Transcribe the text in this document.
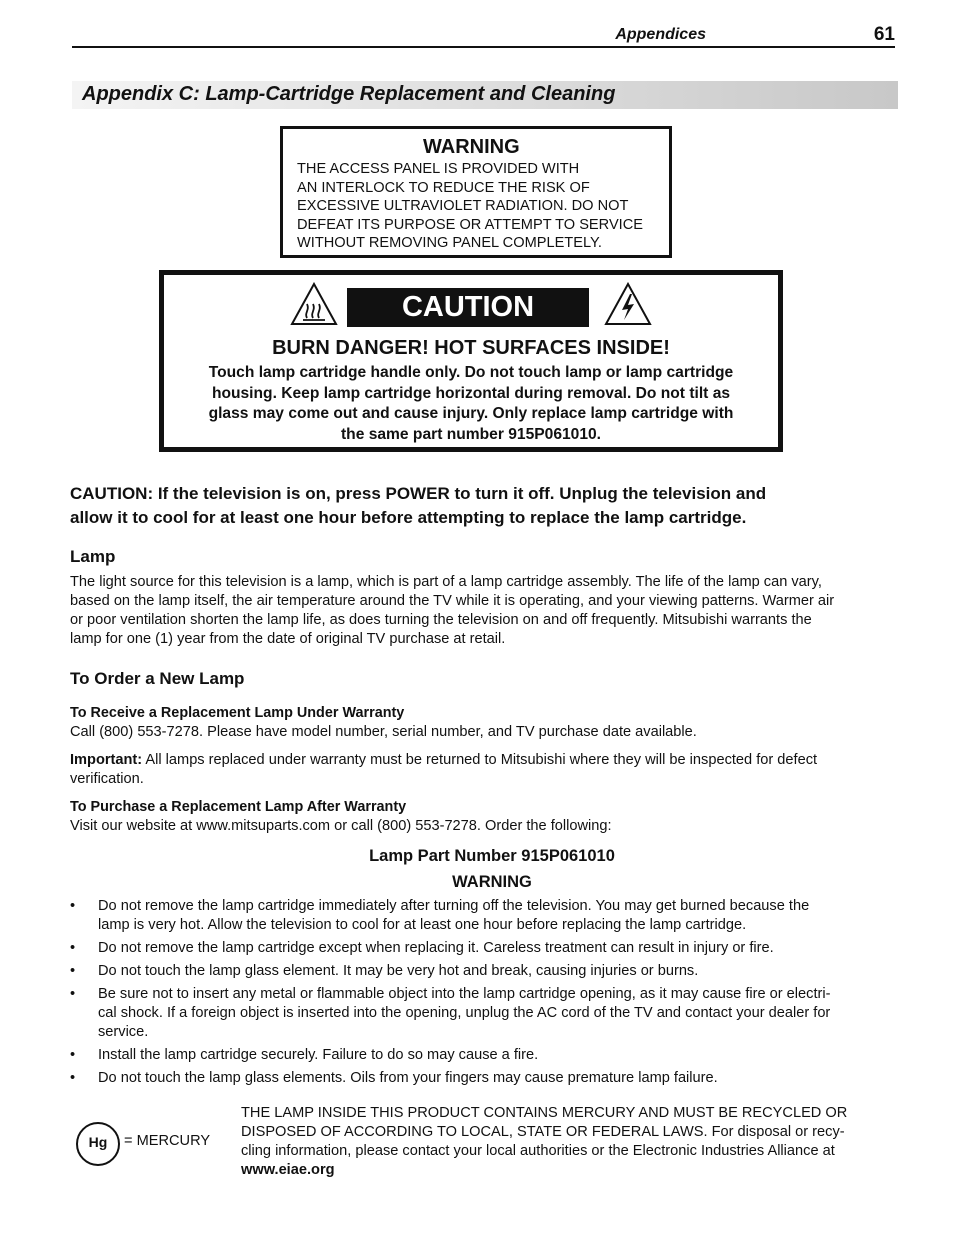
Appendices	61
Appendix C: Lamp-Cartridge Replacement and Cleaning
WARNING
THE ACCESS PANEL IS PROVIDED WITH
AN INTERLOCK TO REDUCE THE RISK OF
EXCESSIVE ULTRAVIOLET RADIATION. DO NOT
DEFEAT ITS PURPOSE OR ATTEMPT TO SERVICE
WITHOUT REMOVING PANEL COMPLETELY.
CAUTION
BURN DANGER! HOT SURFACES INSIDE!
Touch lamp cartridge handle only. Do not touch lamp or lamp cartridge
housing. Keep lamp cartridge horizontal during removal. Do not tilt as
glass may come out and cause injury. Only replace lamp cartridge with
the same part number 915P061010.
CAUTION: If the television is on, press POWER to turn it off. Unplug the television and
allow it to cool for at least one hour before attempting to replace the lamp cartridge.
Lamp
The light source for this television is a lamp, which is part of a lamp cartridge assembly. The life of the lamp can vary,
based on the lamp itself, the air temperature around the TV while it is operating, and your viewing patterns. Warmer air
or poor ventilation shorten the lamp life, as does turning the television on and off frequently. Mitsubishi warrants the
lamp for one (1) year from the date of original TV purchase at retail.
To Order a New Lamp
To Receive a Replacement Lamp Under Warranty
Call (800) 553-7278. Please have model number, serial number, and TV purchase date available.
Important: All lamps replaced under warranty must be returned to Mitsubishi where they will be inspected for defect
verification.
To Purchase a Replacement Lamp After Warranty
Visit our website at www.mitsuparts.com or call (800) 553-7278. Order the following:
Lamp Part Number 915P061010
WARNING
• Do not remove the lamp cartridge immediately after turning off the television. You may get burned because the
lamp is very hot. Allow the television to cool for at least one hour before replacing the lamp cartridge.
• Do not remove the lamp cartridge except when replacing it. Careless treatment can result in injury or fire.
• Do not touch the lamp glass element. It may be very hot and break, causing injuries or burns.
• Be sure not to insert any metal or flammable object into the lamp cartridge opening, as it may cause fire or electri-
cal shock. If a foreign object is inserted into the opening, unplug the AC cord of the TV and contact your dealer for
service.
• Install the lamp cartridge securely. Failure to do so may cause a fire.
• Do not touch the lamp glass elements. Oils from your fingers may cause premature lamp failure.
Hg	= MERCURY
THE LAMP INSIDE THIS PRODUCT CONTAINS MERCURY AND MUST BE RECYCLED OR
DISPOSED OF ACCORDING TO LOCAL, STATE OR FEDERAL LAWS. For disposal or recy-
cling information, please contact your local authorities or the Electronic Industries Alliance at
www.eiae.org
